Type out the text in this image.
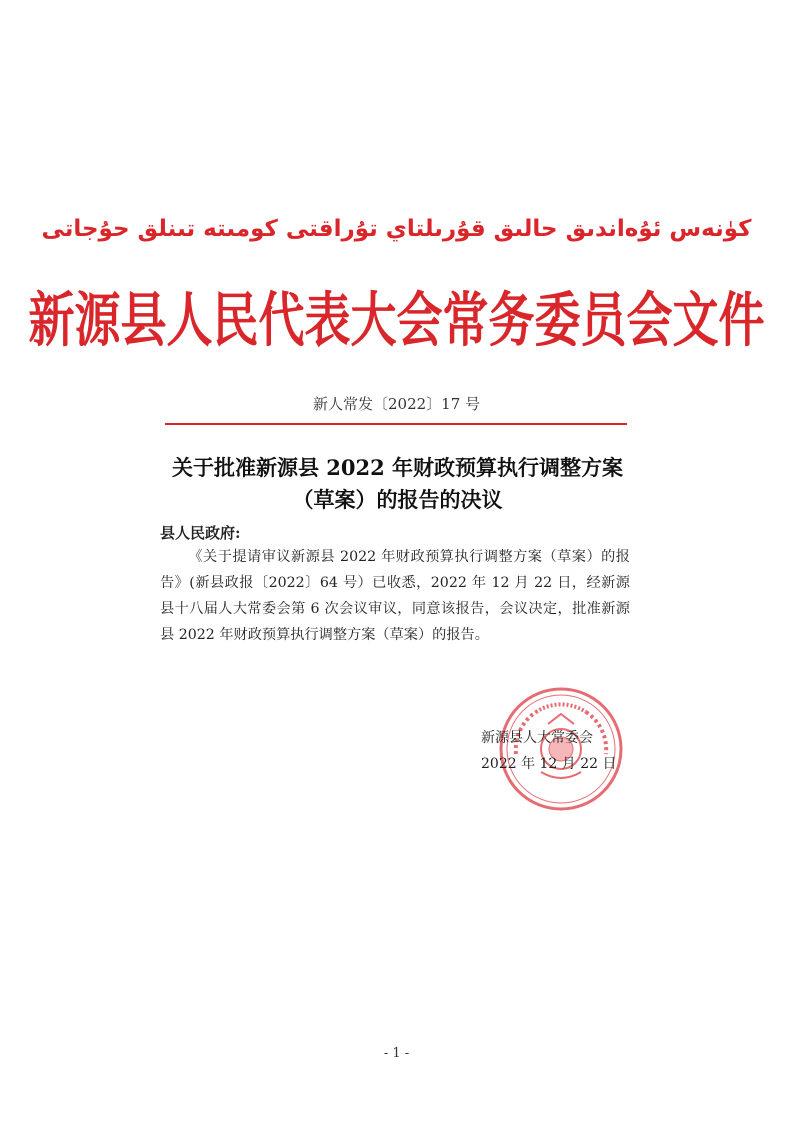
كۈنەس ئۇەاندىق حالىق قۇرىلتاي تۇراقتى كومىتە تىنلق حۇجاتى
新源县人民代表大会常务委员会文件
新人常发〔2022〕17 号
关于批准新源县 2022 年财政预算执行调整方案
（草案）的报告的决议
县人民政府:
《关于提请审议新源县 2022 年财政预算执行调整方案（草案）的报告》(新县政报〔2022〕64 号）已收悉，2022 年 12 月 22 日，经新源县十八届人大常委会第 6 次会议审议，同意该报告，会议决定，批准新源县 2022 年财政预算执行调整方案（草案）的报告。
新源县人大常委会
2022 年 12 月 22 日
- 1 -
